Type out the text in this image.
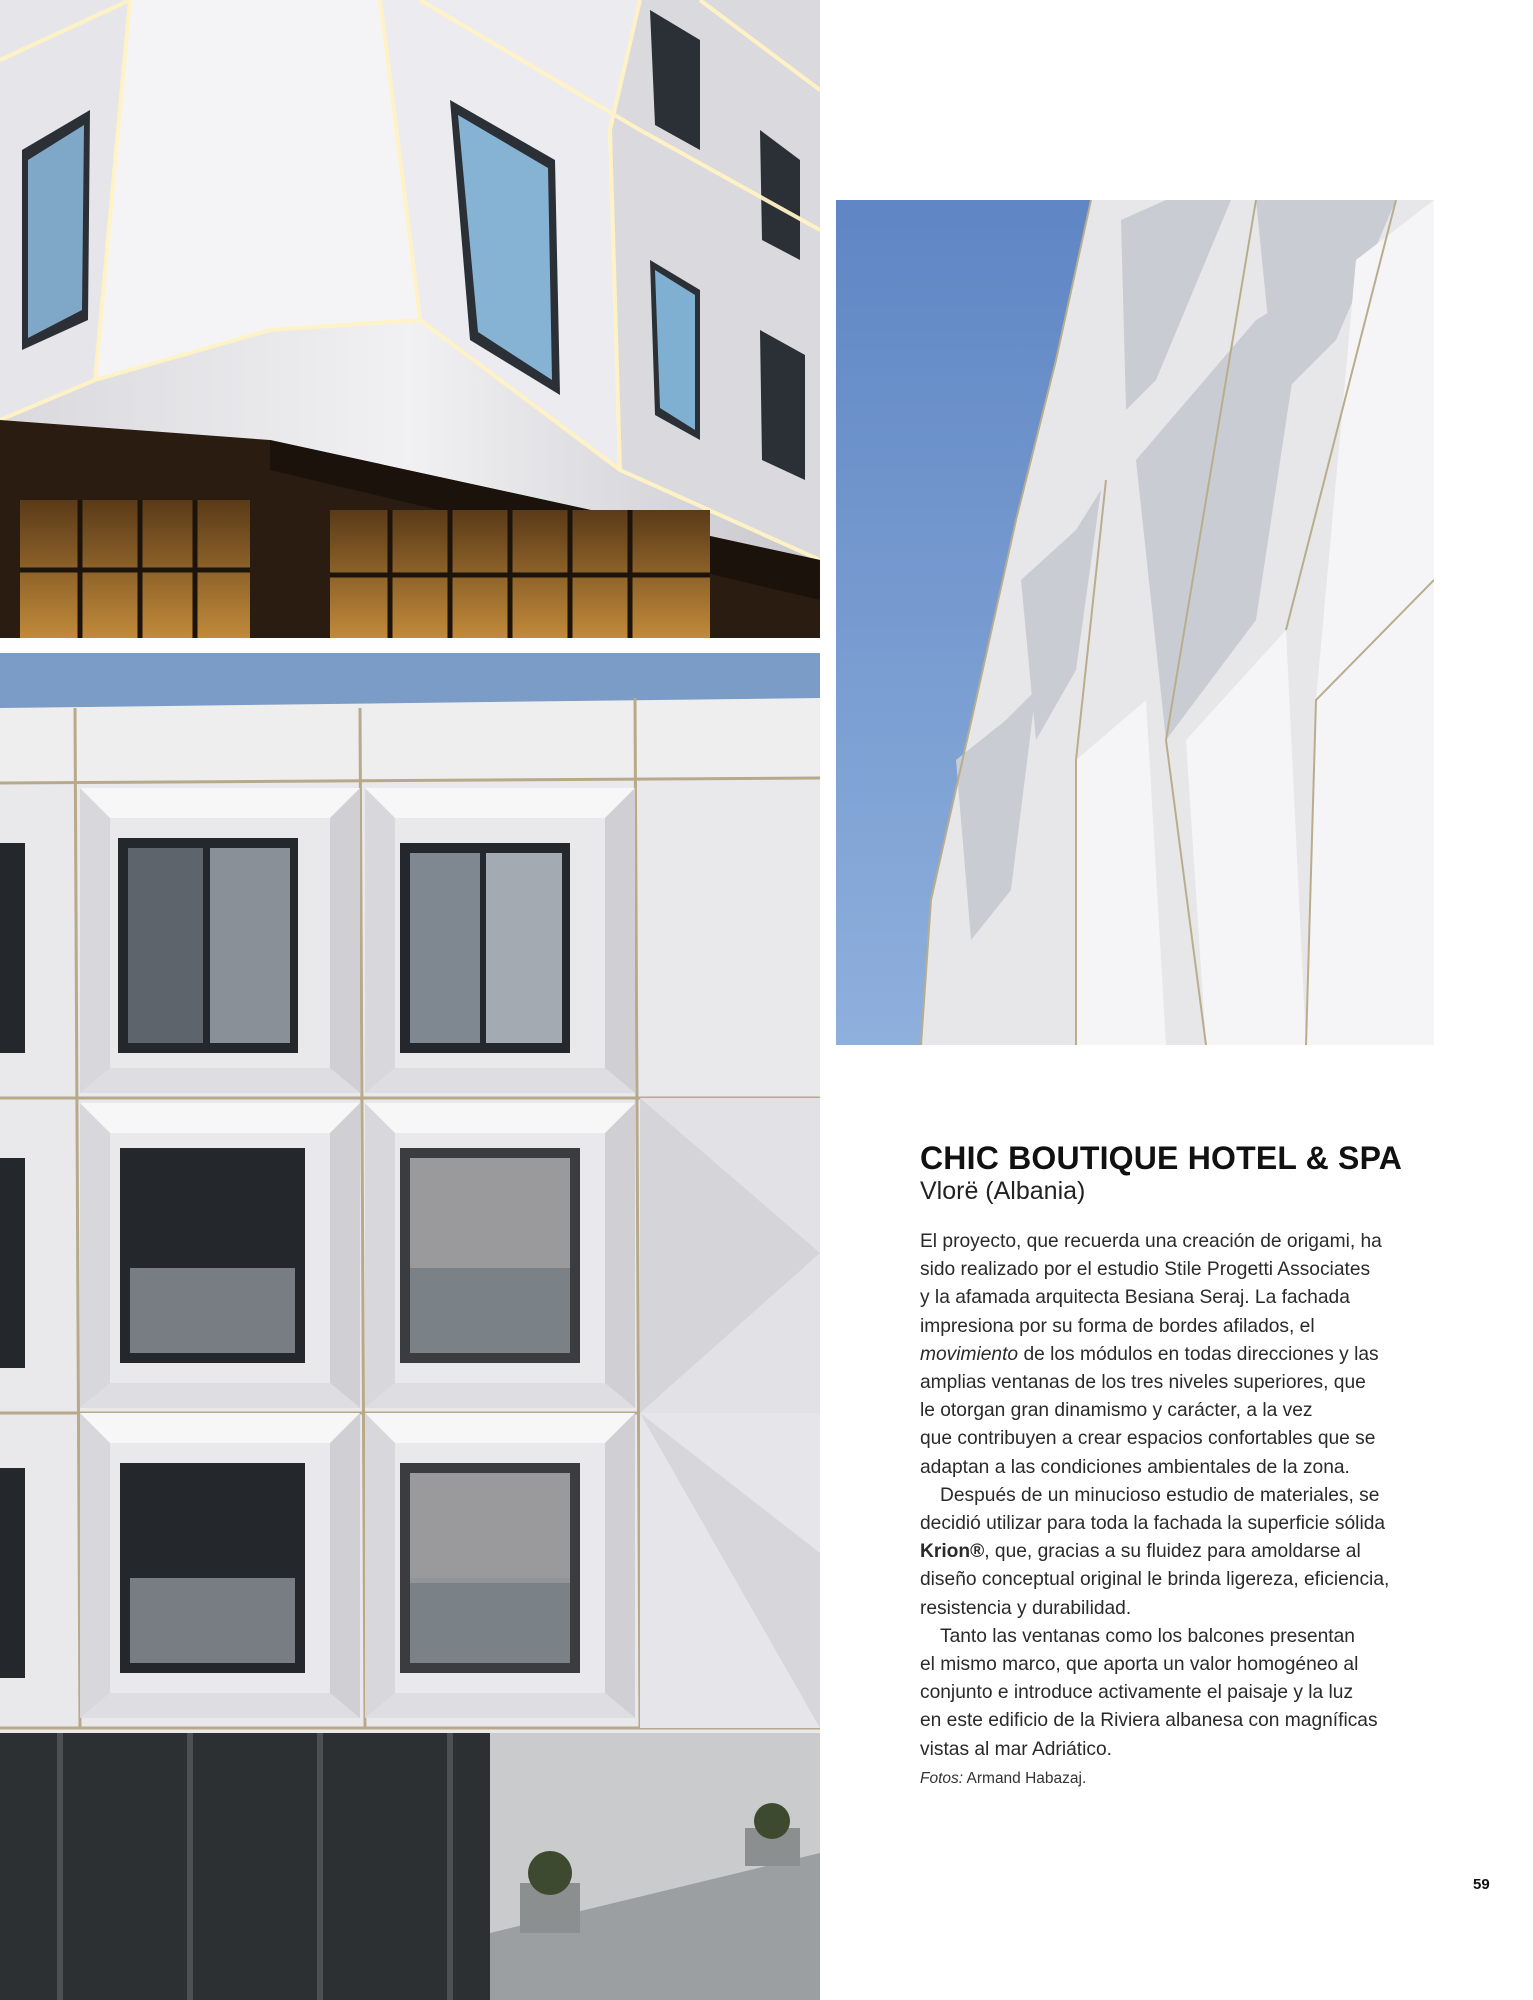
CHIC BOUTIQUE HOTEL & SPA
Vlorë (Albania)

El proyecto, que recuerda una creación de origami, ha
sido realizado por el estudio Stile Progetti Associates
y la afamada arquitecta Besiana Seraj. La fachada
impresiona por su forma de bordes afilados, el
movimiento de los módulos en todas direcciones y las
amplias ventanas de los tres niveles superiores, que
le otorgan gran dinamismo y carácter, a la vez
que contribuyen a crear espacios confortables que se
adaptan a las condiciones ambientales de la zona.

Después de un minucioso estudio de materiales, se
decidió utilizar para toda la fachada la superficie sólida
Krion®, que, gracias a su fluidez para amoldarse al
diseño conceptual original le brinda ligereza, eficiencia,
resistencia y durabilidad.

Tanto las ventanas como los balcones presentan
el mismo marco, que aporta un valor homogéneo al
conjunto e introduce activamente el paisaje y la luz
en este edificio de la Riviera albanesa con magníficas
vistas al mar Adriático.

Fotos: Armand Habazaj.
59
